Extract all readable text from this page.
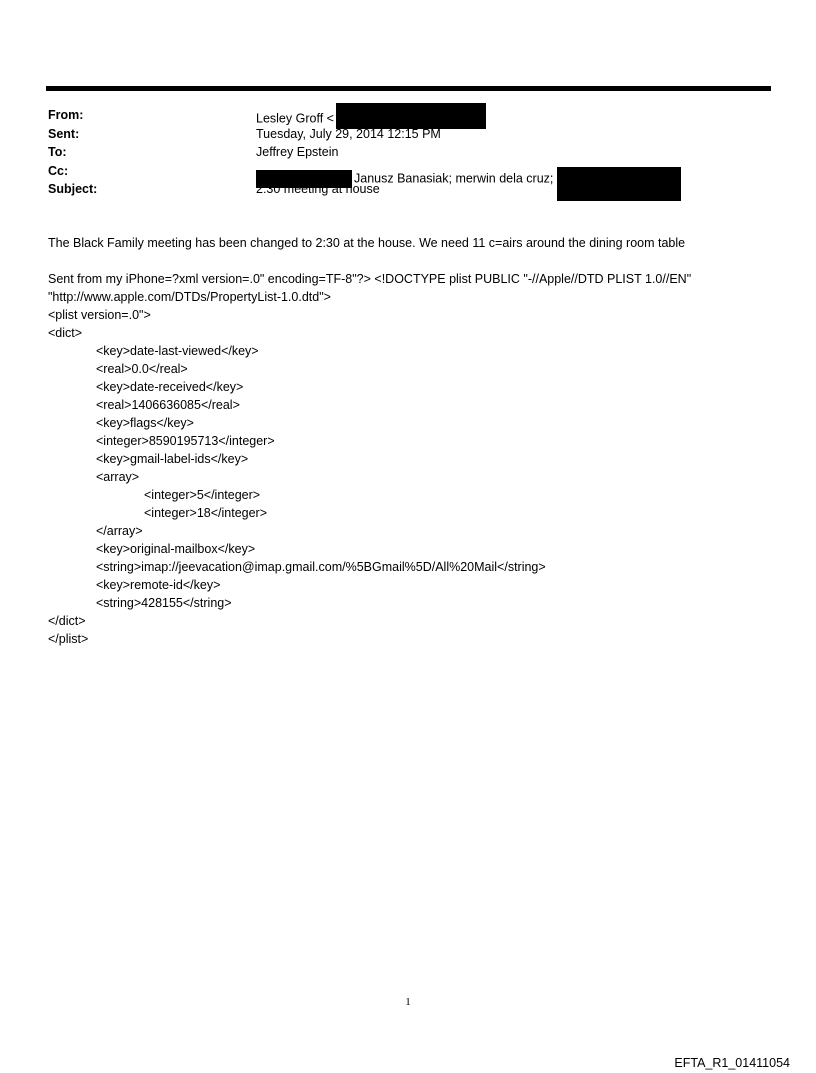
From:	Lesley Groff <
Sent:	Tuesday, July 29, 2014 12:15 PM
To:	Jeffrey Epstein
Cc:
Janusz Banasiak; merwin dela cruz;
Subject:	2:30 meeting at house

The Black Family meeting has been changed to 2:30 at the house. We need 11 c=airs around the dining room table

Sent from my iPhone=?xml version=.0" encoding=TF-8"?> <!DOCTYPE plist PUBLIC "-//Apple//DTD PLIST 1.0//EN"

"http://www.apple.com/DTDs/PropertyList-1.0.dtd">

<plist version=.0">

<dict>

<key>date-last-viewed</key>

<real>0.0</real>

<key>date-received</key>

<real>1406636085</real>

<key>flags</key>

<integer>8590195713</integer>

<key>gmail-label-ids</key>

<array>

<integer>5</integer>

<integer>18</integer>

</array>

<key>original-mailbox</key>

<string>imap://jeevacation@imap.gmail.com/%5BGmail%5D/All%20Mail</string>

<key>remote-id</key>

<string>428155</string>

</dict>

</plist>

1
EFTA_R1_01411054
